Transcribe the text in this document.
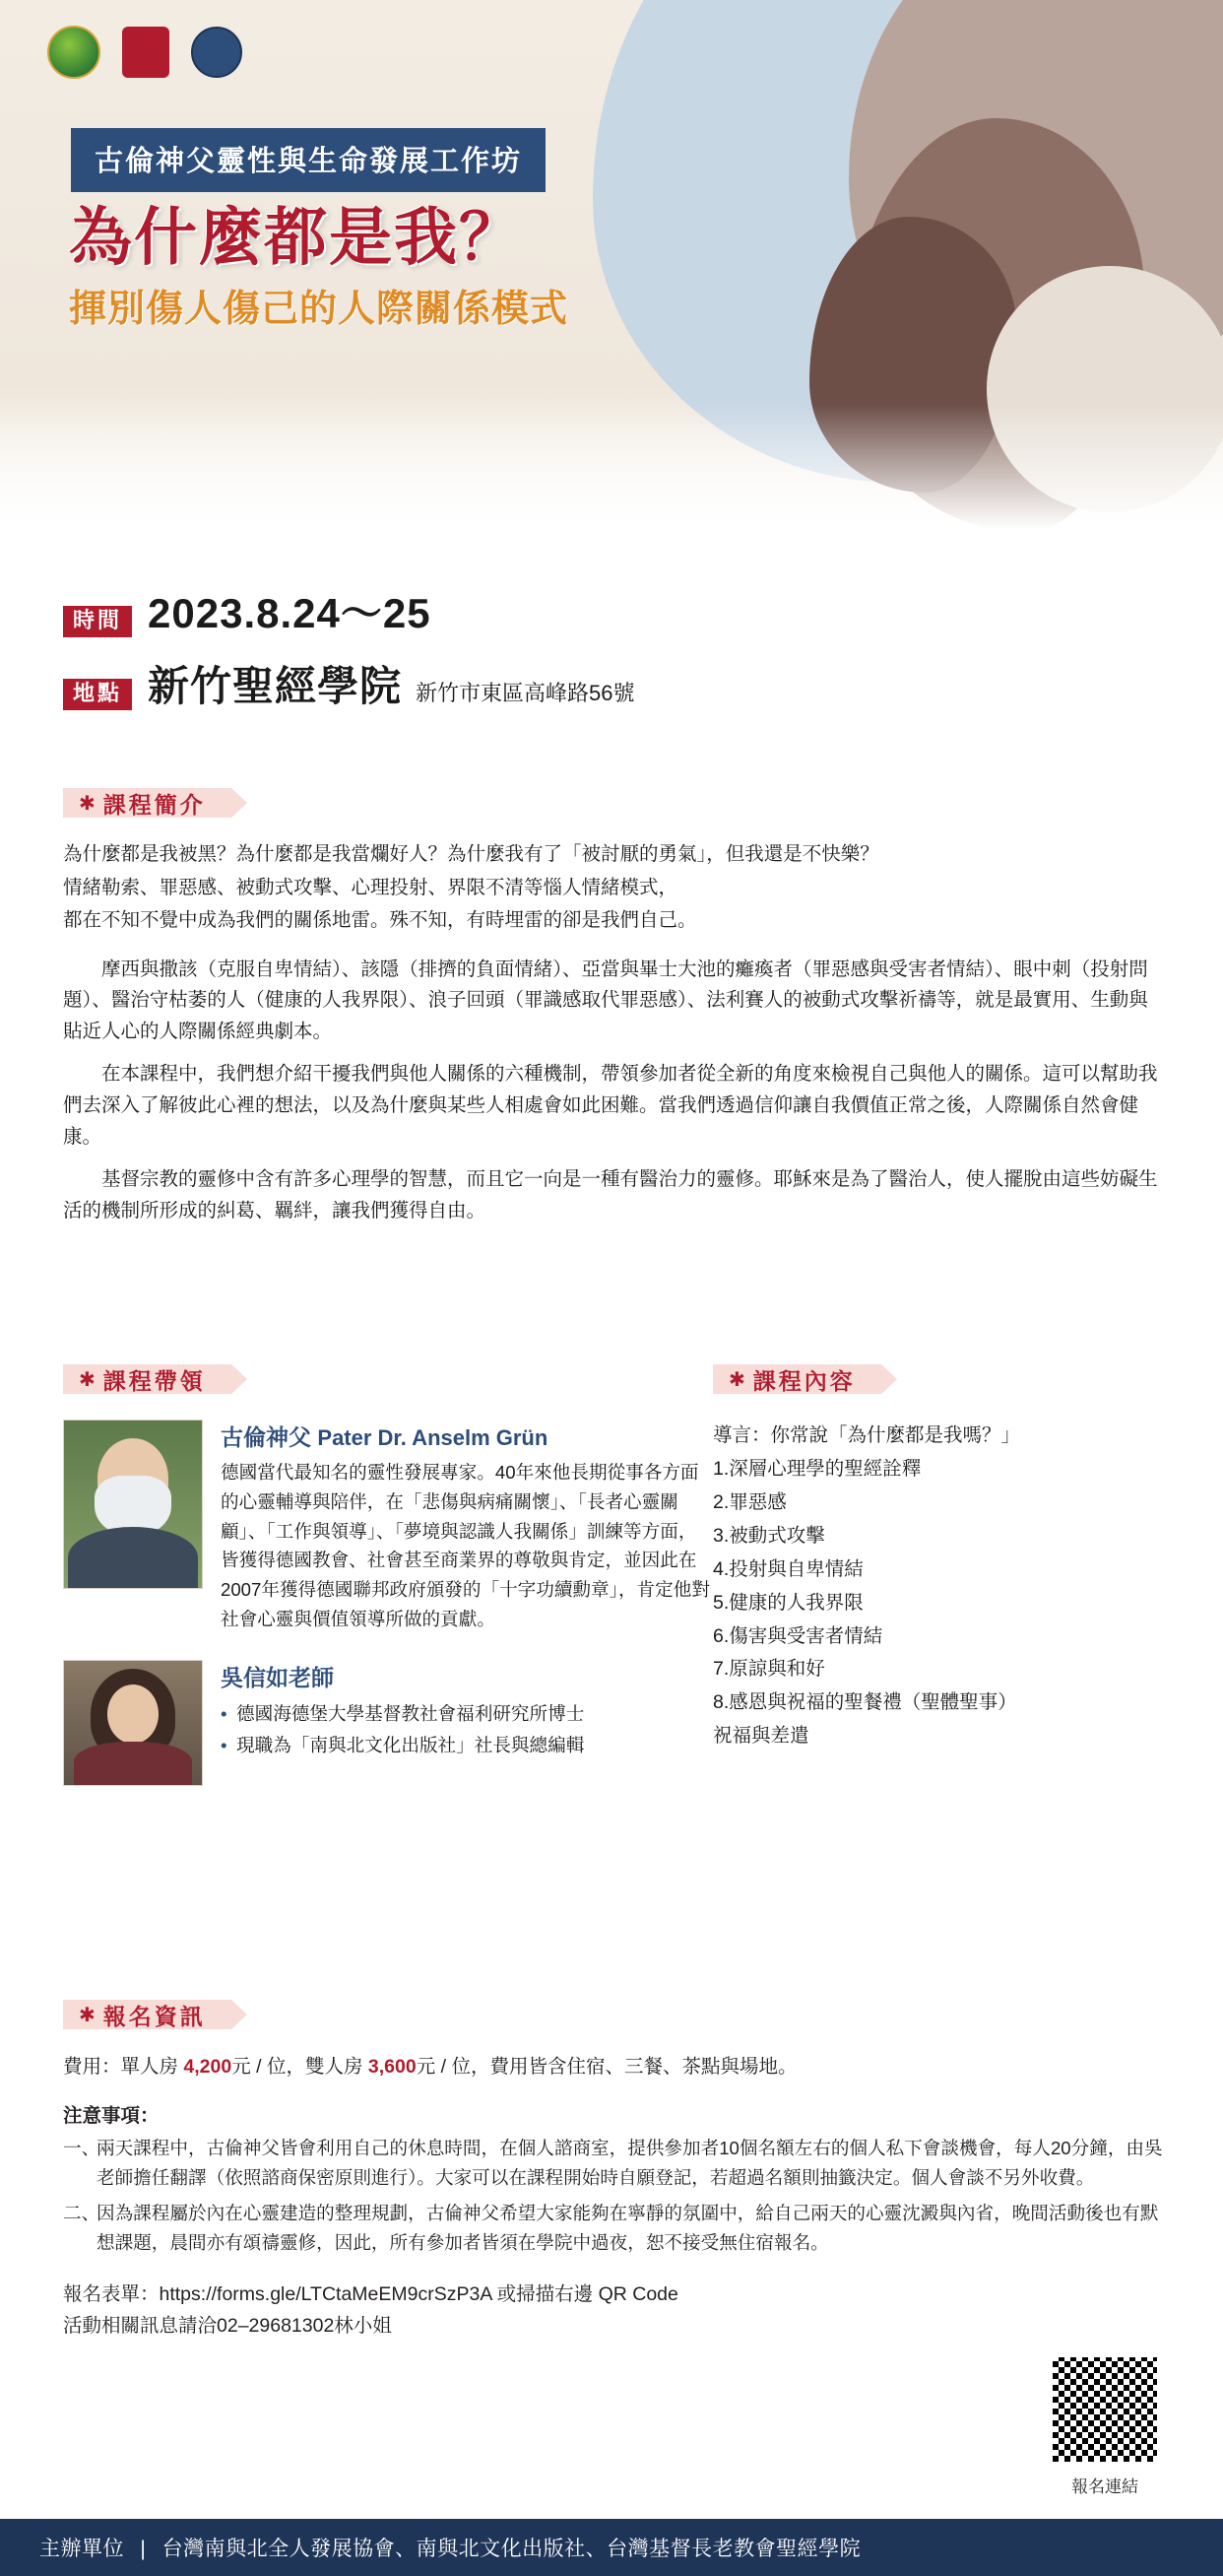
古倫神父靈性與生命發展工作坊
為什麼都是我？
揮別傷人傷己的人際關係模式
時間 2023.8.24～25
地點 新竹聖經學院 新竹市東區高峰路56號
✱ 課程簡介

為什麼都是我被黑？為什麼都是我當爛好人？為什麼我有了「被討厭的勇氣」，但我還是不快樂？

情緒勒索、罪惡感、被動式攻擊、心理投射、界限不清等惱人情緒模式，

都在不知不覺中成為我們的關係地雷。殊不知，有時埋雷的卻是我們自己。

摩西與撒該（克服自卑情結）、該隱（排擠的負面情緒）、亞當與畢士大池的癱瘓者（罪惡感與受害者情結）、眼中刺（投射問題）、醫治守枯萎的人（健康的人我界限）、浪子回頭（罪識感取代罪惡感）、法利賽人的被動式攻擊祈禱等，就是最實用、生動與貼近人心的人際關係經典劇本。

在本課程中，我們想介紹干擾我們與他人關係的六種機制，帶領參加者從全新的角度來檢視自己與他人的關係。這可以幫助我們去深入了解彼此心裡的想法，以及為什麼與某些人相處會如此困難。當我們透過信仰讓自我價值正常之後，人際關係自然會健康。

基督宗教的靈修中含有許多心理學的智慧，而且它一向是一種有醫治力的靈修。耶穌來是為了醫治人，使人擺脫由這些妨礙生活的機制所形成的糾葛、羈絆，讓我們獲得自由。

✱ 課程帶領
古倫神父 Pater Dr. Anselm Grün
德國當代最知名的靈性發展專家。40年來他長期從事各方面的心靈輔導與陪伴，在「悲傷與病痛關懷」、「長者心靈關顧」、「工作與領導」、「夢境與認識人我關係」訓練等方面，皆獲得德國教會、社會甚至商業界的尊敬與肯定，並因此在2007年獲得德國聯邦政府頒發的「十字功續勳章」，肯定他對社會心靈與價值領導所做的貢獻。
吳信如老師
• 德國海德堡大學基督教社會福利研究所博士
• 現職為「南與北文化出版社」社長與總編輯
✱ 課程內容
導言：你常說「為什麼都是我嗎？」
1.深層心理學的聖經詮釋
2.罪惡感
3.被動式攻擊
4.投射與自卑情結
5.健康的人我界限
6.傷害與受害者情結
7.原諒與和好
8.感恩與祝福的聖餐禮（聖體聖事）
祝福與差遣
✱ 報名資訊
費用：單人房 4,200元 / 位，雙人房 3,600元 / 位，費用皆含住宿、三餐、茶點與場地。
注意事項：
一、
兩天課程中，古倫神父皆會利用自己的休息時間，在個人諮商室，提供參加者10個名額左右的個人私下會談機會，每人20分鐘，由吳老師擔任翻譯（依照諮商保密原則進行）。大家可以在課程開始時自願登記，若超過名額則抽籤決定。個人會談不另外收費。
二、
因為課程屬於內在心靈建造的整理規劃，古倫神父希望大家能夠在寧靜的氛圍中，給自己兩天的心靈沈澱與內省，晚間活動後也有默想課題，晨間亦有頌禱靈修，因此，所有參加者皆須在學院中過夜，恕不接受無住宿報名。
報名表單：https://forms.gle/LTCtaMeEM9crSzP3A 或掃描右邊 QR Code
活動相關訊息請洽02–29681302林小姐
報名連結
主辦單位 | 台灣南與北全人發展協會、南與北文化出版社、台灣基督長老教會聖經學院
